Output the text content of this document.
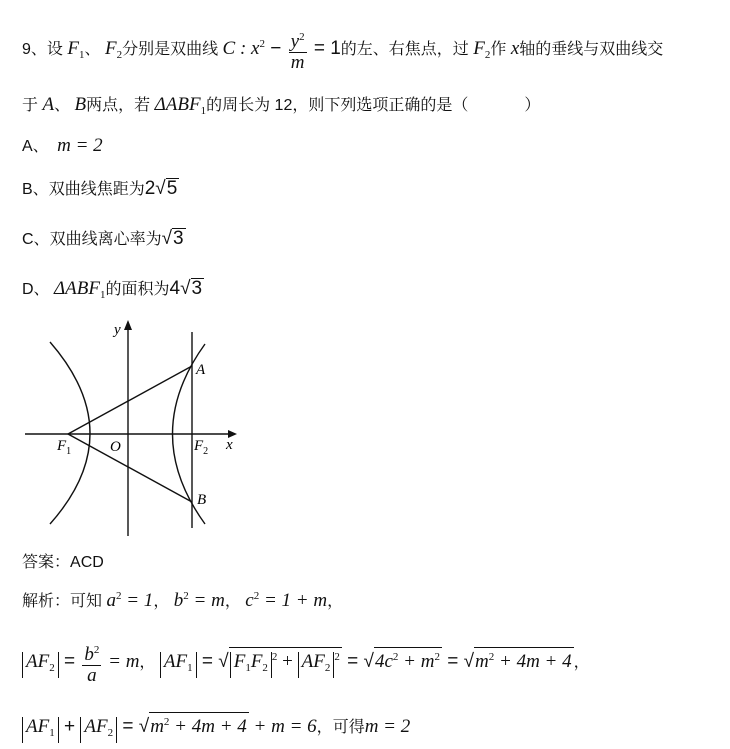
9、设 $F_1$、 $F_2$分别是双曲线 C : $x^2 - \frac{y^2}{m} = 1$的左、右焦点，过 $F_2$作 x轴的垂线与双曲线交
于 A、 B两点，若 $\Delta ABF_1$的周长为 12，则下列选项正确的是（	）
A、 m = 2
B、双曲线焦距为2√5
C、双曲线离心率为√3
D、 $\Delta ABF_1$的面积为4√3
y
x
O
$F_1$	$F_2$
A
B
答案：ACD
解析：可知 $a^2 = 1$， $b^2 = m$， $c^2 = 1 + m$，
$AF_2 = \frac{b^2}{a} = m$， $AF_1$ = √ $F_1F_2^2 + AF_2^2 = √4c^2 + m^2 = √m^2 + 4m + 4$ ，
$AF_1 + AF_2 = √m^2 + 4m + 4 + m = 6$，可得m = 2
